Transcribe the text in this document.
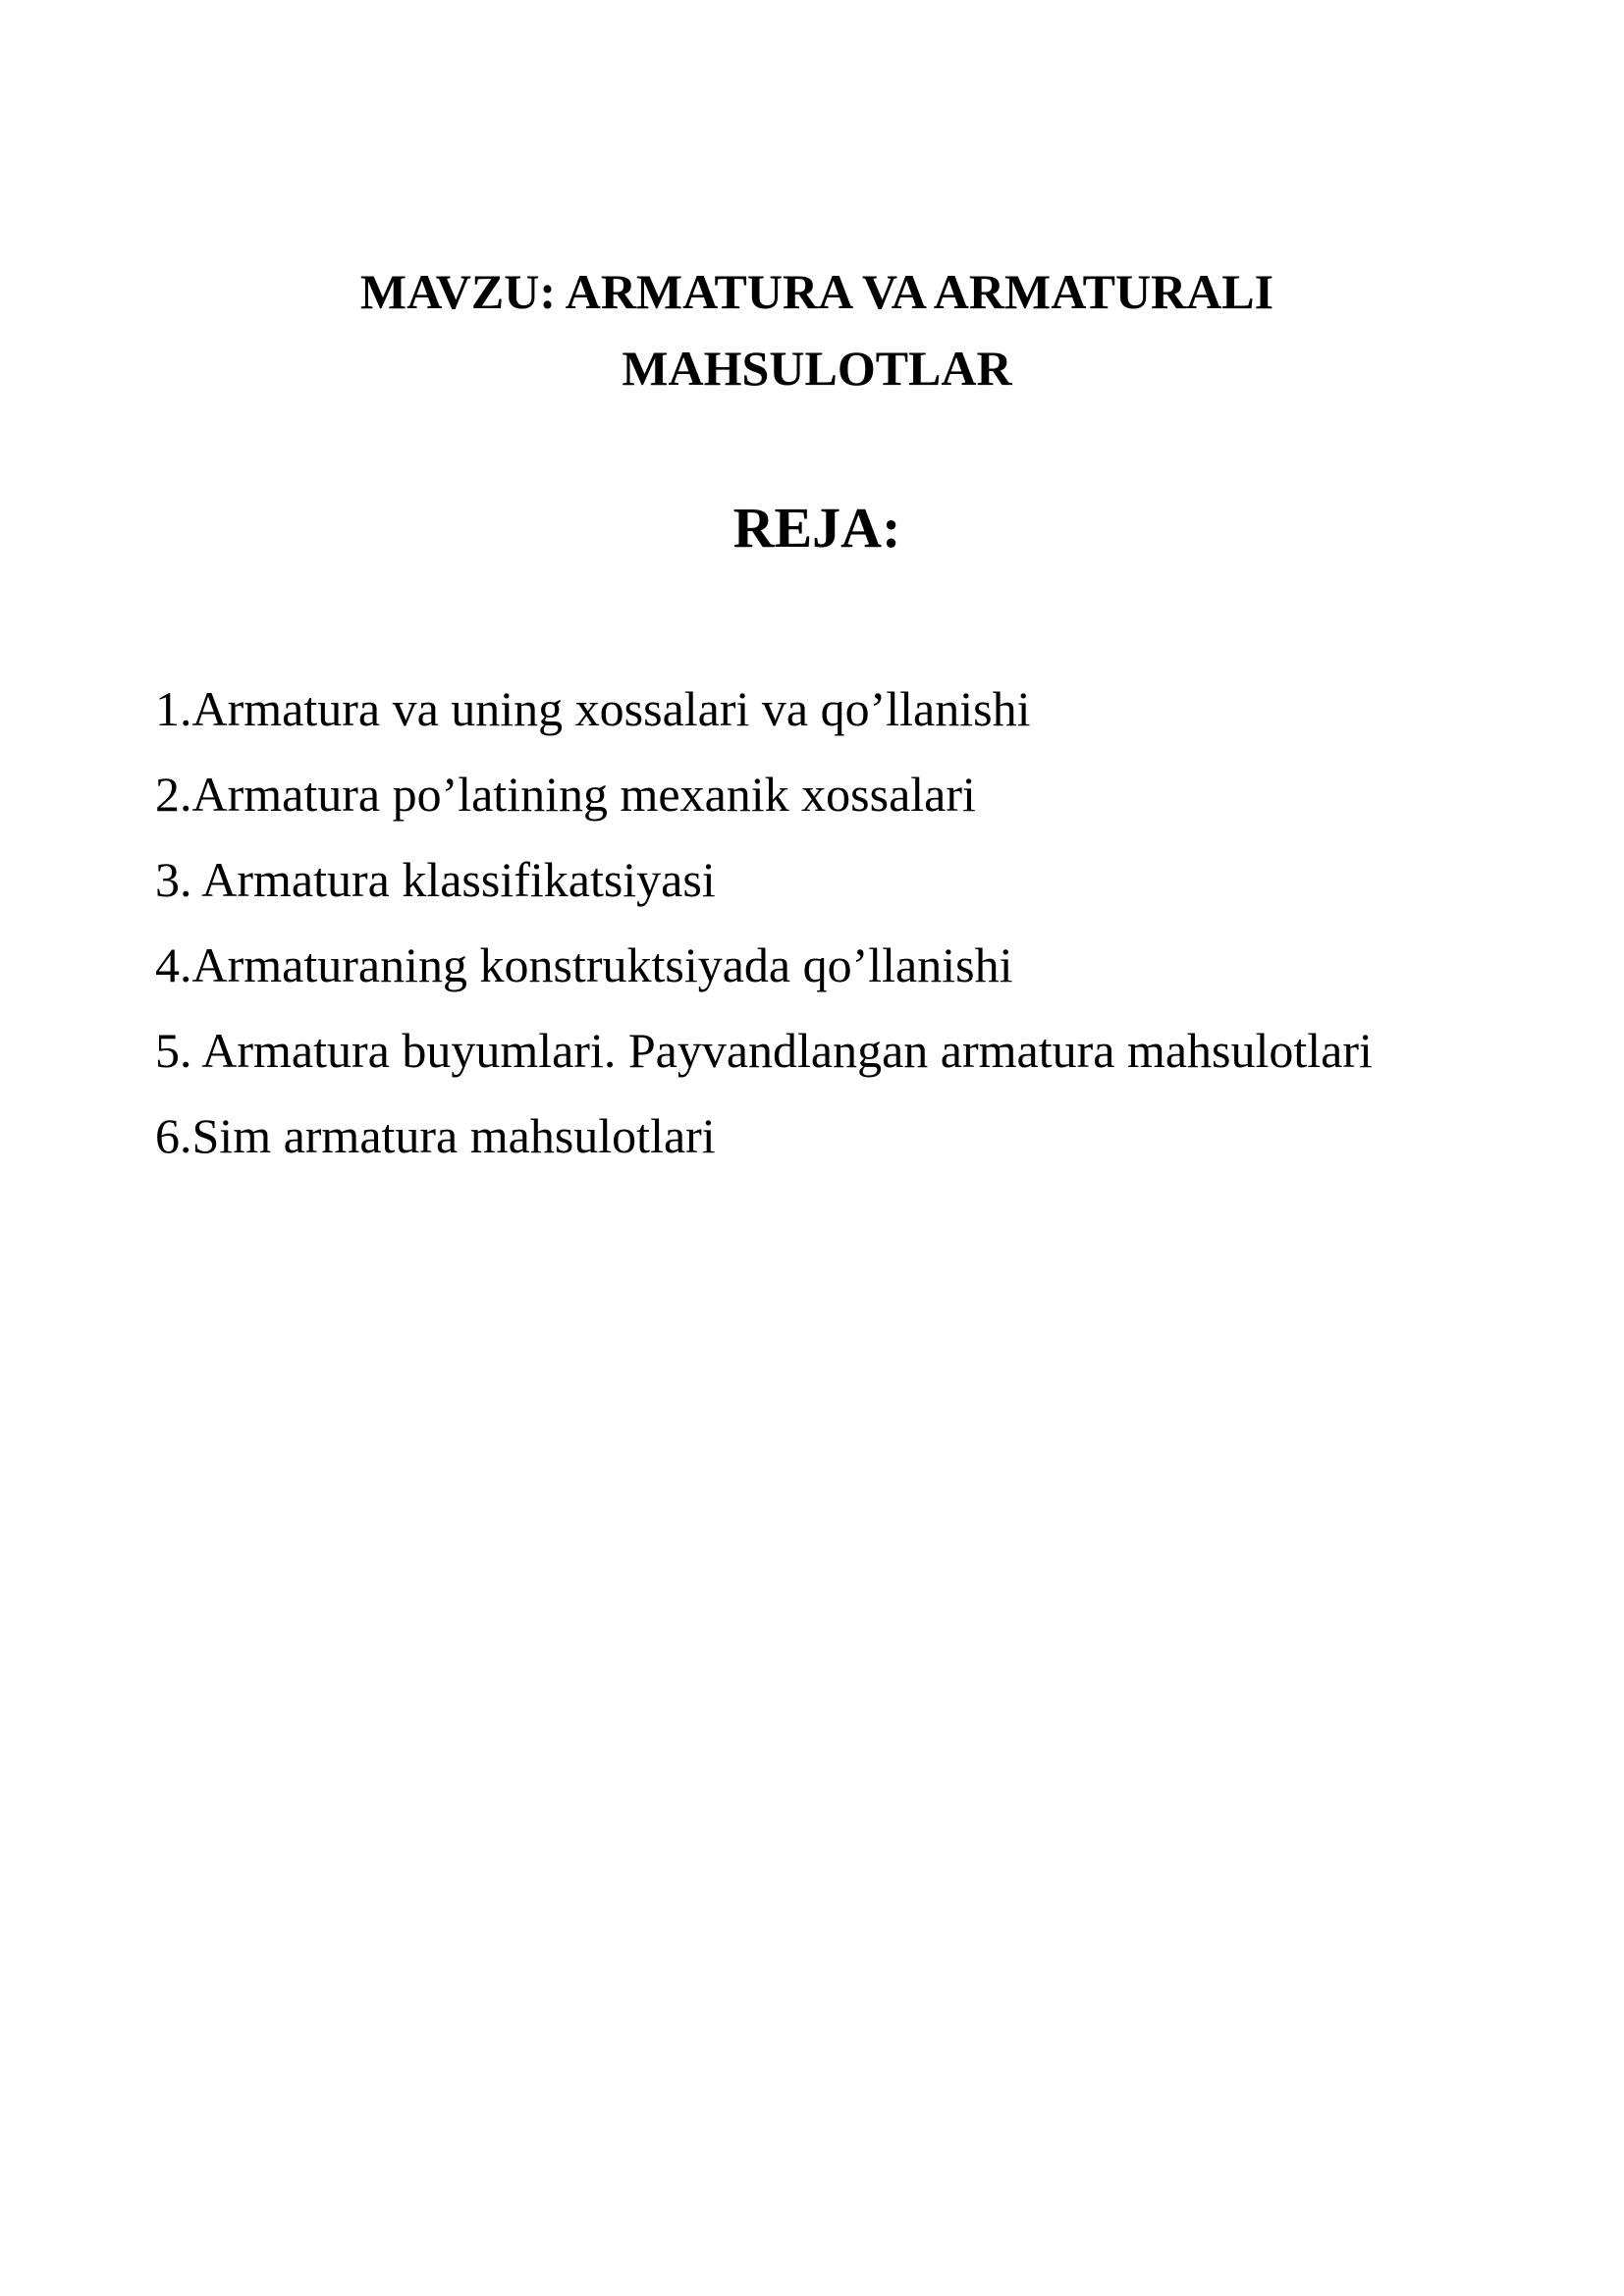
MAVZU: ARMATURA VA ARMATURALI
MAHSULOTLAR
REJA:
1.Armatura va uning xossalari va qo’llanishi
2.Armatura po’latining mexanik xossalari
3. Armatura klassifikatsiyasi
4.Armaturaning konstruktsiyada qo’llanishi
5. Armatura buyumlari. Payvandlangan armatura mahsulotlari
6.Sim armatura mahsulotlari
